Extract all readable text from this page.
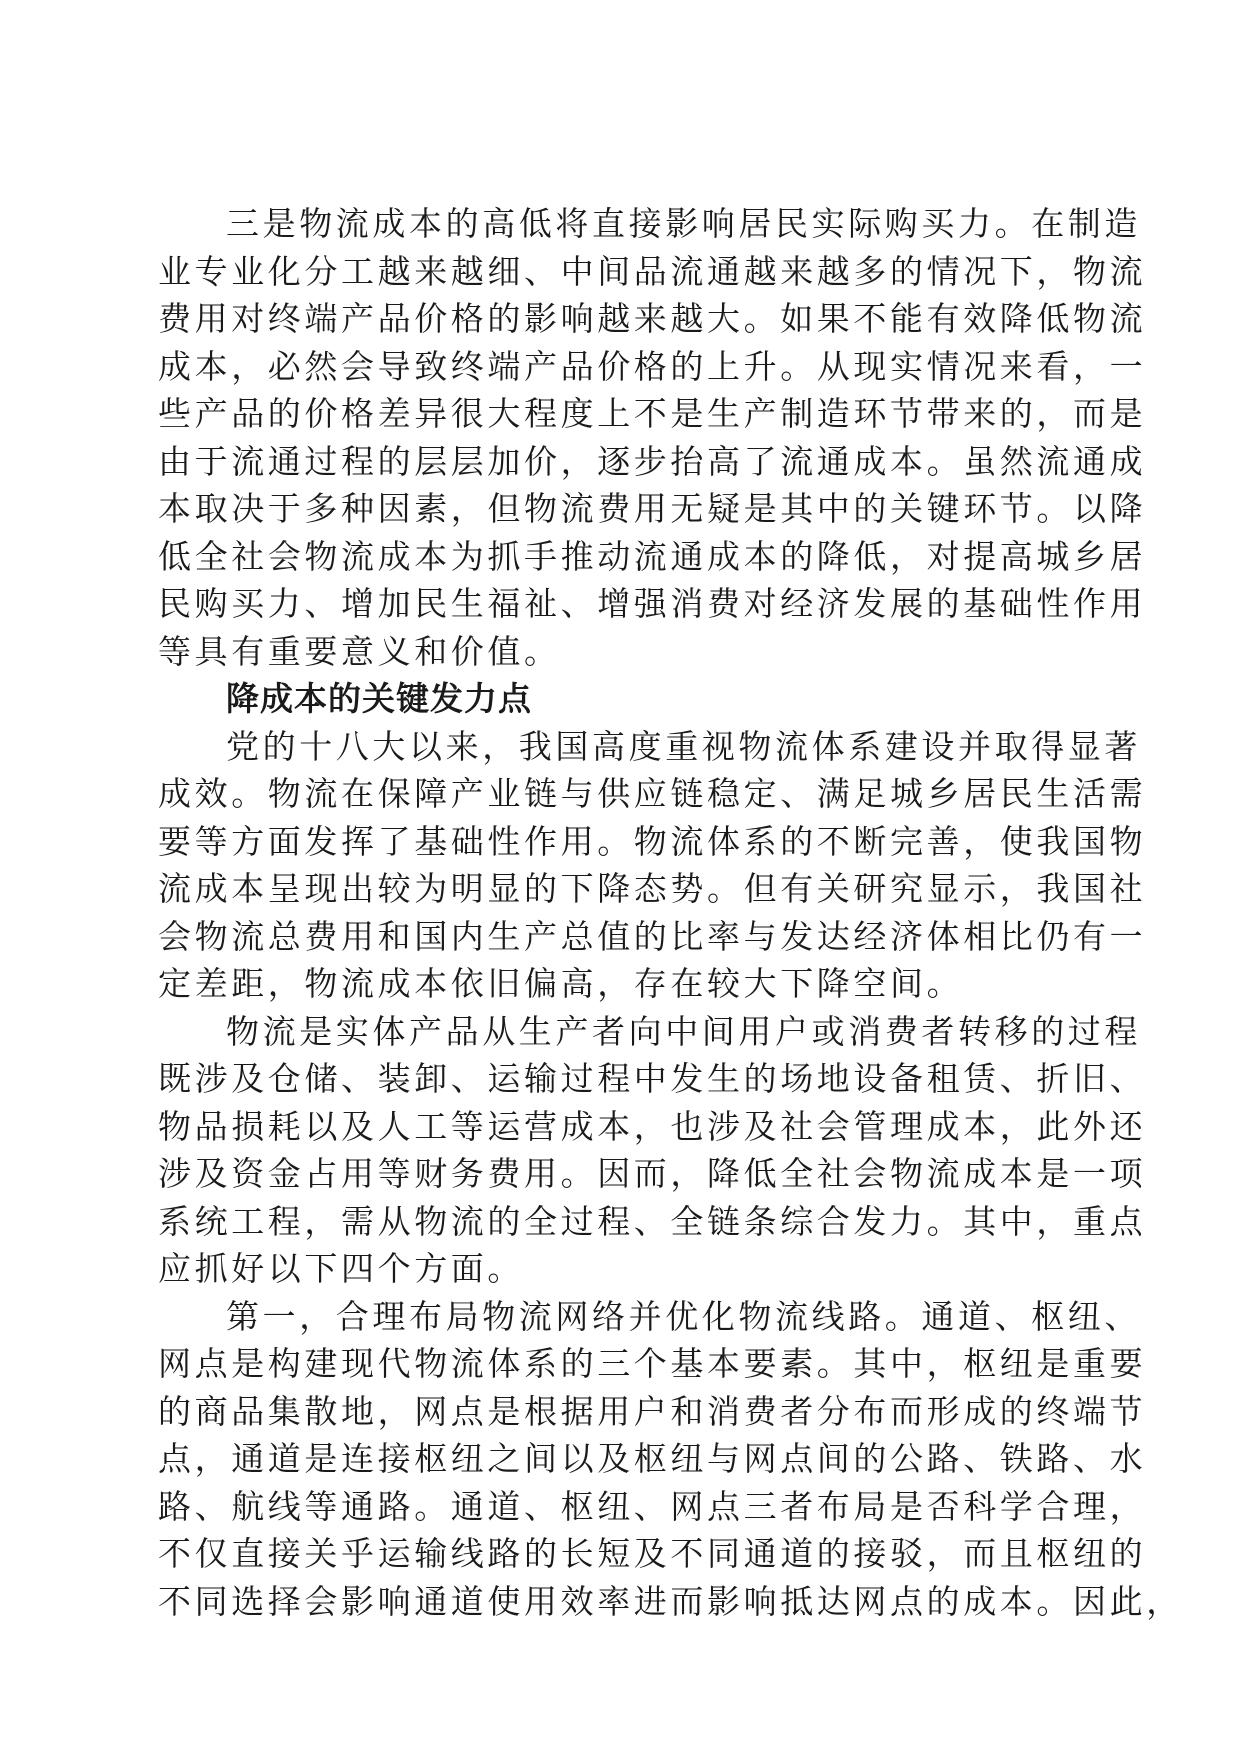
三是物流成本的高低将直接影响居民实际购买力。在制造
业专业化分工越来越细、中间品流通越来越多的情况下，物流
费用对终端产品价格的影响越来越大。如果不能有效降低物流
成本，必然会导致终端产品价格的上升。从现实情况来看，一
些产品的价格差异很大程度上不是生产制造环节带来的，而是
由于流通过程的层层加价，逐步抬高了流通成本。虽然流通成
本取决于多种因素，但物流费用无疑是其中的关键环节。以降
低全社会物流成本为抓手推动流通成本的降低，对提高城乡居
民购买力、增加民生福祉、增强消费对经济发展的基础性作用
等具有重要意义和价值。
降成本的关键发力点
党的十八大以来，我国高度重视物流体系建设并取得显著
成效。物流在保障产业链与供应链稳定、满足城乡居民生活需
要等方面发挥了基础性作用。物流体系的不断完善，使我国物
流成本呈现出较为明显的下降态势。但有关研究显示，我国社
会物流总费用和国内生产总值的比率与发达经济体相比仍有一
定差距，物流成本依旧偏高，存在较大下降空间。
物流是实体产品从生产者向中间用户或消费者转移的过程
既涉及仓储、装卸、运输过程中发生的场地设备租赁、折旧、
物品损耗以及人工等运营成本，也涉及社会管理成本，此外还
涉及资金占用等财务费用。因而，降低全社会物流成本是一项
系统工程，需从物流的全过程、全链条综合发力。其中，重点
应抓好以下四个方面。
第一，合理布局物流网络并优化物流线路。通道、枢纽、
网点是构建现代物流体系的三个基本要素。其中，枢纽是重要
的商品集散地，网点是根据用户和消费者分布而形成的终端节
点，通道是连接枢纽之间以及枢纽与网点间的公路、铁路、水
路、航线等通路。通道、枢纽、网点三者布局是否科学合理，
不仅直接关乎运输线路的长短及不同通道的接驳，而且枢纽的
不同选择会影响通道使用效率进而影响抵达网点的成本。因此，
